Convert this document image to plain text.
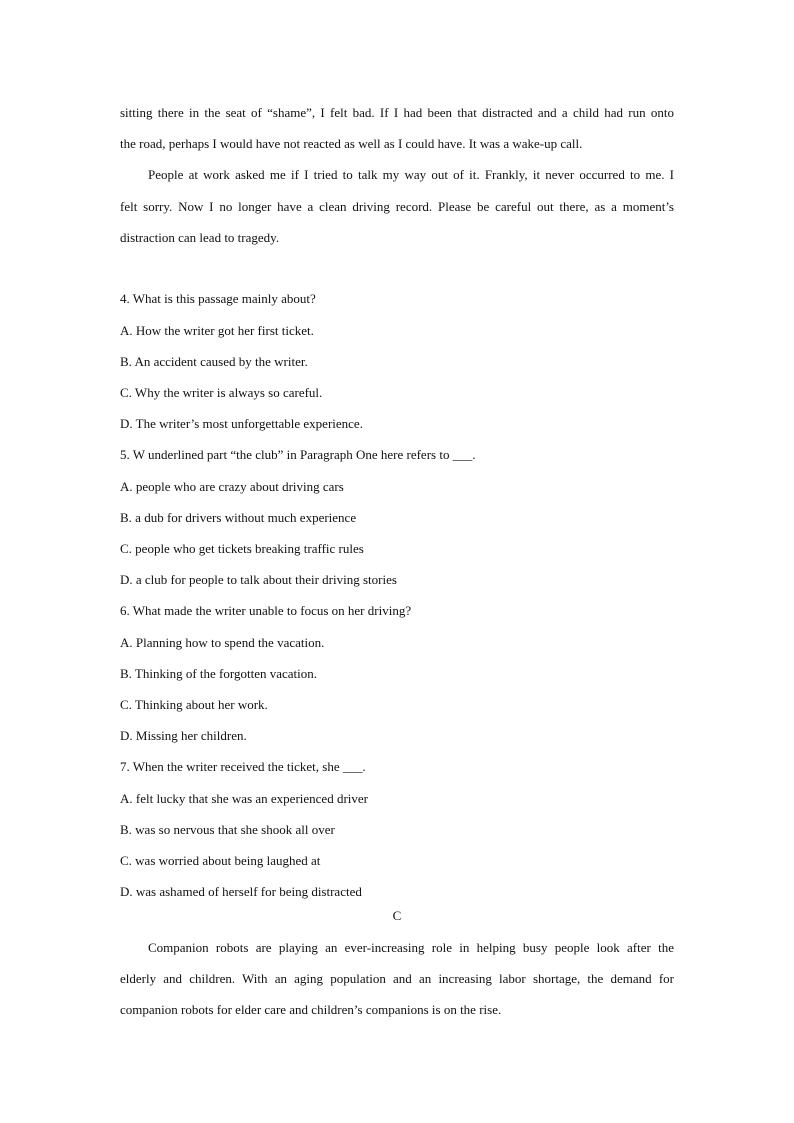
sitting there in the seat of “shame”, I felt bad. If I had been that distracted and a child had run onto
the road, perhaps I would have not reacted as well as I could have. It was a wake-up call.
People at work asked me if I tried to talk my way out of it. Frankly, it never occurred to me. I
felt sorry. Now I no longer have a clean driving record. Please be careful out there, as a moment’s
distraction can lead to tragedy.
4. What is this passage mainly about?
A. How the writer got her first ticket.
B. An accident caused by the writer.
C. Why the writer is always so careful.
D. The writer’s most unforgettable experience.
5. W underlined part “the club” in Paragraph One here refers to ___.
A. people who are crazy about driving cars
B. a dub for drivers without much experience
C. people who get tickets breaking traffic rules
D. a club for people to talk about their driving stories
6. What made the writer unable to focus on her driving?
A. Planning how to spend the vacation.
B. Thinking of the forgotten vacation.
C. Thinking about her work.
D. Missing her children.
7. When the writer received the ticket, she ___.
A. felt lucky that she was an experienced driver
B. was so nervous that she shook all over
C. was worried about being laughed at
D. was ashamed of herself for being distracted
C
Companion robots are playing an ever-increasing role in helping busy people look after the
elderly and children. With an aging population and an increasing labor shortage, the demand for
companion robots for elder care and children’s companions is on the rise.
